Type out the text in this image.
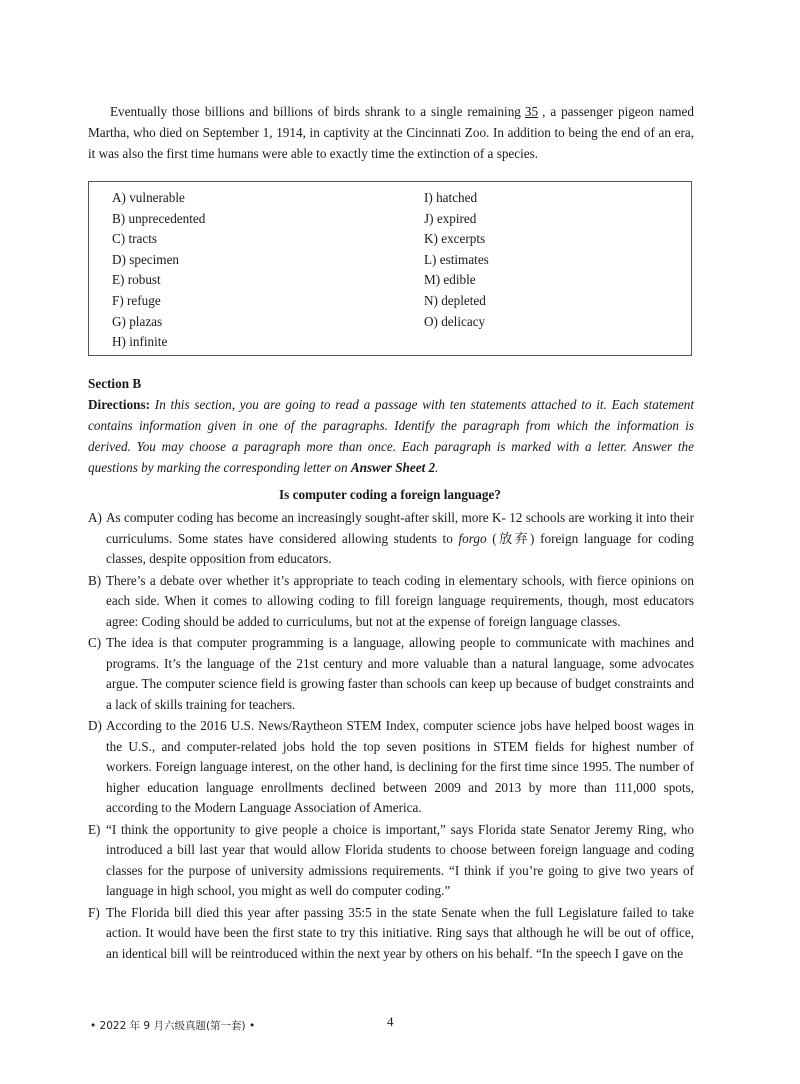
Eventually those billions and billions of birds shrank to a single remaining 35 , a passenger pigeon named Martha, who died on September 1, 1914, in captivity at the Cincinnati Zoo. In addition to being the end of an era, it was also the first time humans were able to exactly time the extinction of a species.

A) vulnerable
B) unprecedented
C) tracts
D) specimen
E) robust
F) refuge
G) plazas
H) infinite
I) hatched
J) expired
K) excerpts
L) estimates
M) edible
N) depleted
O) delicacy

Section B

Directions: In this section, you are going to read a passage with ten statements attached to it. Each statement contains information given in one of the paragraphs. Identify the paragraph from which the information is derived. You may choose a paragraph more than once. Each paragraph is marked with a letter. Answer the questions by marking the corresponding letter on Answer Sheet 2.

Is computer coding a foreign language?

A) As computer coding has become an increasingly sought-after skill, more K- 12 schools are working it into their curriculums. Some states have considered allowing students to forgo (放弃) foreign language for coding classes, despite opposition from educators.

B) There’s a debate over whether it’s appropriate to teach coding in elementary schools, with fierce opinions on each side. When it comes to allowing coding to fill foreign language requirements, though, most educators agree: Coding should be added to curriculums, but not at the expense of foreign language classes.

C) The idea is that computer programming is a language, allowing people to communicate with machines and programs. It’s the language of the 21st century and more valuable than a natural language, some advocates argue. The computer science field is growing faster than schools can keep up because of budget constraints and a lack of skills training for teachers.

D) According to the 2016 U.S. News/Raytheon STEM Index, computer science jobs have helped boost wages in the U.S., and computer-related jobs hold the top seven positions in STEM fields for highest number of workers. Foreign language interest, on the other hand, is declining for the first time since 1995. The number of higher education language enrollments declined between 2009 and 2013 by more than 111,000 spots, according to the Modern Language Association of America.

E) “I think the opportunity to give people a choice is important,” says Florida state Senator Jeremy Ring, who introduced a bill last year that would allow Florida students to choose between foreign language and coding classes for the purpose of university admissions requirements. “I think if you’re going to give two years of language in high school, you might as well do computer coding.”

F) The Florida bill died this year after passing 35:5 in the state Senate when the full Legislature failed to take action. It would have been the first state to try this initiative. Ring says that although he will be out of office, an identical bill will be reintroduced within the next year by others on his behalf. “In the speech I gave on the

• 2022 年 9 月六级真题(第一套) •	4
